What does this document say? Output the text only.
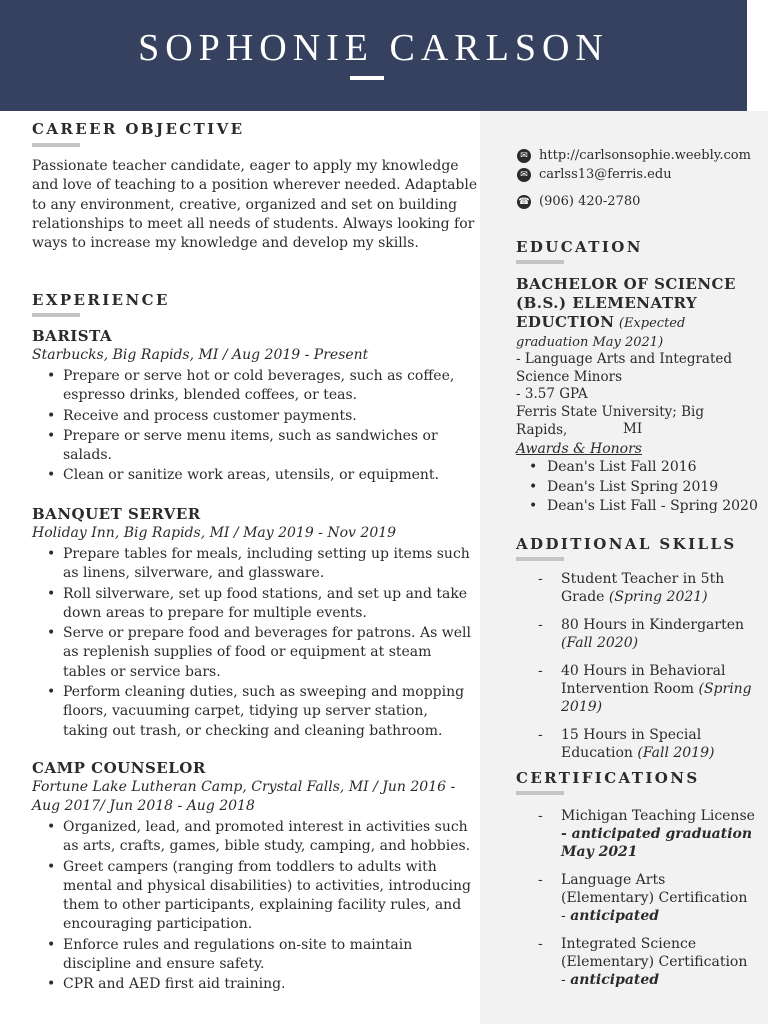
SOPHONIE CARLSON
CAREER OBJECTIVE
Passionate teacher candidate, eager to apply my knowledge and love of teaching to a position wherever needed. Adaptable to any environment, creative, organized and set on building relationships to meet all needs of students. Always looking for ways to increase my knowledge and develop my skills.
EXPERIENCE
BARISTA
Starbucks, Big Rapids, MI / Aug 2019 - Present
• Prepare or serve hot or cold beverages, such as coffee, espresso drinks, blended coffees, or teas.
• Receive and process customer payments.
• Prepare or serve menu items, such as sandwiches or salads.
• Clean or sanitize work areas, utensils, or equipment.
BANQUET SERVER
Holiday Inn, Big Rapids, MI / May 2019 - Nov 2019
• Prepare tables for meals, including setting up items such as linens, silverware, and glassware.
• Roll silverware, set up food stations, and set up and take down areas to prepare for multiple events.
• Serve or prepare food and beverages for patrons. As well as replenish supplies of food or equipment at steam tables or service bars.
• Perform cleaning duties, such as sweeping and mopping floors, vacuuming carpet, tidying up server station, taking out trash, or checking and cleaning bathroom.
CAMP COUNSELOR
Fortune Lake Lutheran Camp, Crystal Falls, MI / Jun 2016 - Aug 2017/ Jun 2018 - Aug 2018
• Organized, lead, and promoted interest in activities such as arts, crafts, games, bible study, camping, and hobbies.
• Greet campers (ranging from toddlers to adults with mental and physical disabilities) to activities, introducing them to other participants, explaining facility rules, and encouraging participation.
• Enforce rules and regulations on-site to maintain discipline and ensure safety.
• CPR and AED first aid training.
✉ http://carlsonsophie.weebly.com
✉ carlss13@ferris.edu
☎ (906) 420-2780
EDUCATION
BACHELOR OF SCIENCE (B.S.) ELEMENATRY EDUCTION (Expected graduation May 2021)
- Language Arts and Integrated Science Minors
- 3.57 GPA
Ferris State University; Big Rapids,	MI
Awards & Honors
• Dean's List Fall 2016
• Dean's List Spring 2019
• Dean's List Fall - Spring 2020
ADDITIONAL SKILLS
- Student Teacher in 5th Grade (Spring 2021)
- 80 Hours in Kindergarten (Fall 2020)
- 40 Hours in Behavioral Intervention Room (Spring 2019)
- 15 Hours in Special Education (Fall 2019)
CERTIFICATIONS
- Michigan Teaching License - anticipated graduation May 2021
- Language Arts (Elementary) Certification - anticipated
- Integrated Science (Elementary) Certification - anticipated
